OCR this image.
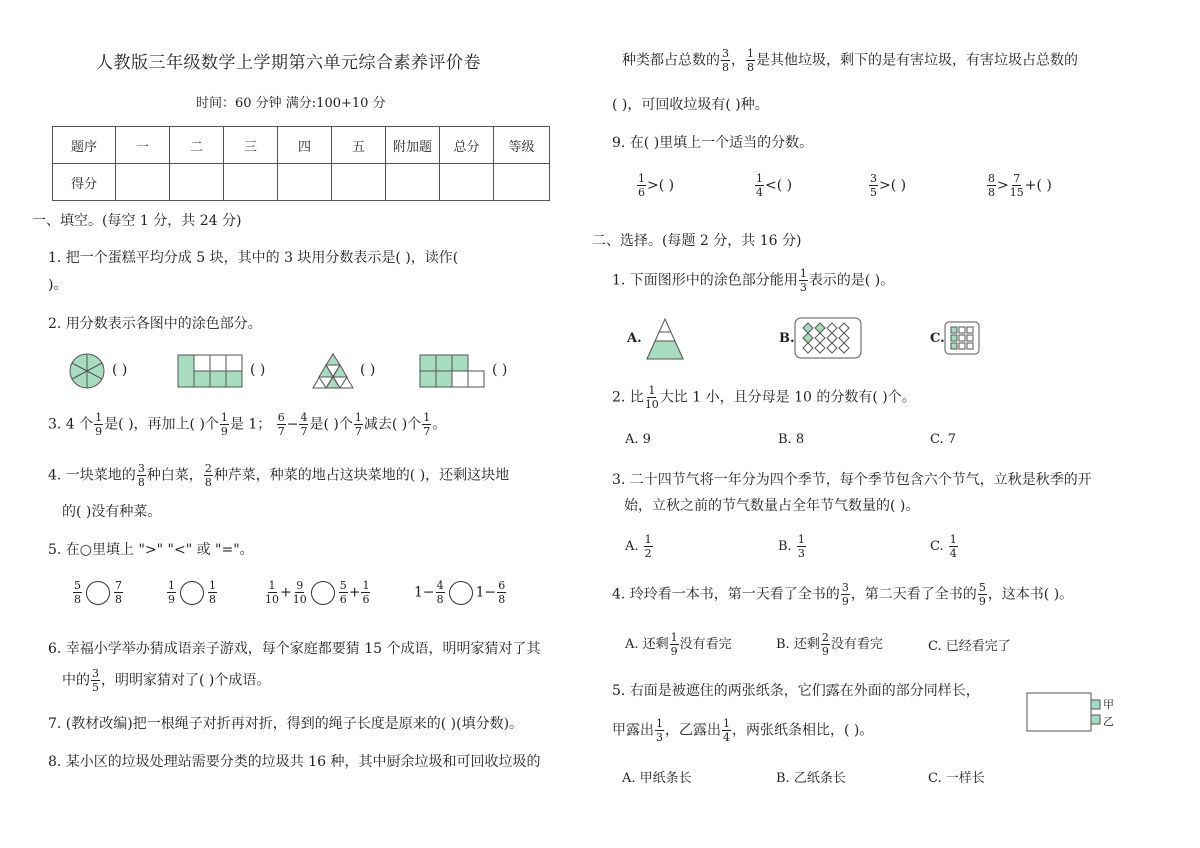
人教版三年级数学上学期第六单元综合素养评价卷
时间：60 分钟 满分:100+10 分
题序	一	二	三	四	五	附加题	总分	等级
得分								
一、填空。(每空 1 分，共 24 分)
1. 把一个蛋糕平均分成 5 块，其中的 3 块用分数表示是( )，读作(
)。
2. 用分数表示各图中的涂色部分。
( )	( )	( )	( )
3. 4 个 $\frac{1}{9}$ 是( )，再加上( )个 $\frac{1}{9}$ 是 1； $\frac{6}{7} - \frac{4}{7}$ 是( )个 $\frac{1}{7}$ 减去( )个 $\frac{1}{7}$ 。
4. 一块菜地的 $\frac{3}{8}$ 种白菜， $\frac{2}{8}$ 种芹菜，种菜的地占这块菜地的( )，还剩这块地
的( )没有种菜。
5. 在○里填上 ">" "<" 或 "="。
$\frac{5}{8}$	$\frac{7}{8}$	$\frac{1}{9}$	$\frac{1}{8}$	$\frac{1}{10} + \frac{9}{10}$	$\frac{5}{6} + \frac{1}{6}$	$1- \frac{4}{8} 1- \frac{6}{8}$
6. 幸福小学举办猜成语亲子游戏，每个家庭都要猜 15 个成语，明明家猜对了其
中的 $\frac{3}{5}$ ，明明家猜对了( )个成语。
7. (教材改编)把一根绳子对折再对折，得到的绳子长度是原来的( )(填分数)。
8. 某小区的垃圾处理站需要分类的垃圾共 16 种，其中厨余垃圾和可回收垃圾的
种类都占总数的 $\frac{3}{8}$ ， $\frac{1}{8}$ 是其他垃圾，剩下的是有害垃圾，有害垃圾占总数的
( )，可回收垃圾有( )种。
9. 在( )里填上一个适当的分数。
$\frac{1}{6}$ >( )	$\frac{1}{4}$ <( )	$\frac{3}{5}$ >( )	$\frac{8}{8} > \frac{7}{15}$ +( )
二、选择。(每题 2 分，共 16 分)
1. 下面图形中的涂色部分能用 $\frac{1}{3}$ 表示的是( )。
A.	B.	C.
2. 比 $\frac{1}{10}$ 大比 1 小，且分母是 10 的分数有( )个。
A. 9	B. 8	C. 7
3. 二十四节气将一年分为四个季节，每个季节包含六个节气，立秋是秋季的开
始，立秋之前的节气数量占全年节气数量的( )。
A. $\frac{1}{2}$	B. $\frac{1}{3}$	C. $\frac{1}{4}$
4. 玲玲看一本书，第一天看了全书的 $\frac{3}{9}$ ，第二天看了全书的 $\frac{5}{9}$ ，这本书( )。
A. 还剩 $\frac{1}{9}$ 没有看完	B. 还剩 $\frac{2}{9}$ 没有看完	C. 已经看完了
5. 右面是被遮住的两张纸条，它们露在外面的部分同样长，
甲露出 $\frac{1}{3}$ ，乙露出 $\frac{1}{4}$ ，两张纸条相比，( )。
甲
乙
A. 甲纸条长	B. 乙纸条长	C. 一样长
